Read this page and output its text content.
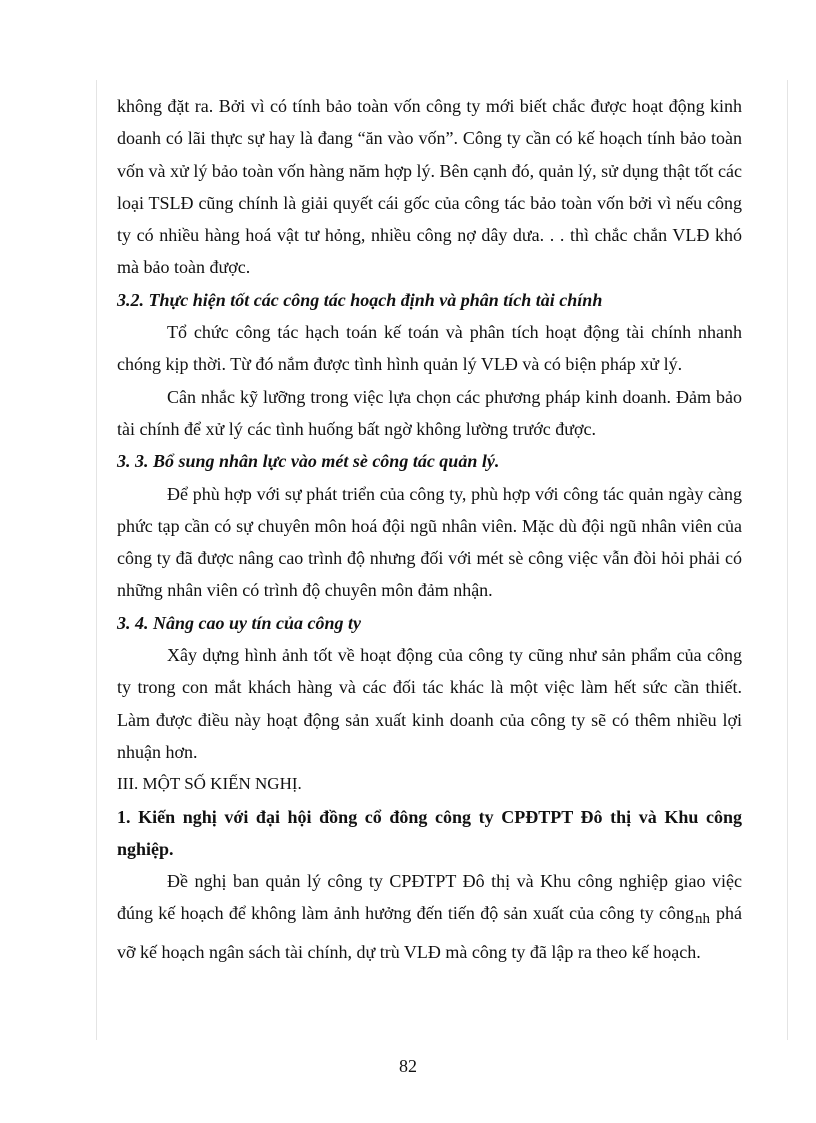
không đặt ra. Bởi vì có tính bảo toàn vốn công ty mới biết chắc được hoạt động kinh doanh có lãi thực sự hay là đang “ăn vào vốn”. Công ty cần có kế hoạch tính bảo toàn vốn và xử lý bảo toàn vốn hàng năm hợp lý. Bên cạnh đó, quản lý, sử dụng thật tốt các loại TSLĐ cũng chính là giải quyết cái gốc của công tác bảo toàn vốn bởi vì nếu công ty có nhiều hàng hoá vật tư hỏng, nhiều công nợ dây dưa. . . thì chắc chắn VLĐ khó mà bảo toàn được.

3.2. Thực hiện tốt các công tác hoạch định và phân tích tài chính

Tổ chức công tác hạch toán kế toán và phân tích hoạt động tài chính nhanh chóng kịp thời. Từ đó nắm được tình hình quản lý VLĐ và có biện pháp xử lý.

Cân nhắc kỹ lưỡng trong việc lựa chọn các phương pháp kinh doanh. Đảm bảo tài chính để xử lý các tình huống bất ngờ không lường trước được.

3. 3. Bổ sung nhân lực vào mét sè công tác quản lý.

Để phù hợp với sự phát triển của công ty, phù hợp với công tác quản ngày càng phức tạp cần có sự chuyên môn hoá đội ngũ nhân viên. Mặc dù đội ngũ nhân viên của công ty đã được nâng cao trình độ nhưng đối với mét sè công việc vẫn đòi hỏi phải có những nhân viên có trình độ chuyên môn đảm nhận.

3. 4. Nâng cao uy tín của công ty

Xây dựng hình ảnh tốt về hoạt động của công ty cũng như sản phẩm của công ty trong con mắt khách hàng và các đối tác khác là một việc làm hết sức cần thiết. Làm được điều này hoạt động sản xuất kinh doanh của công ty sẽ có thêm nhiều lợi nhuận hơn.

III. MỘT SỐ KIẾN NGHỊ.

1. Kiến nghị với đại hội đồng cổ đông công ty CPĐTPT Đô thị và Khu công nghiệp.

Đề nghị ban quản lý công ty CPĐTPT Đô thị và Khu công nghiệp giao việc đúng kế hoạch để không làm ảnh hưởng đến tiến độ sản xuất của công ty công$_{nh}$ phá vỡ kế hoạch ngân sách tài chính, dự trù VLĐ mà công ty đã lập ra theo kế hoạch.

82
